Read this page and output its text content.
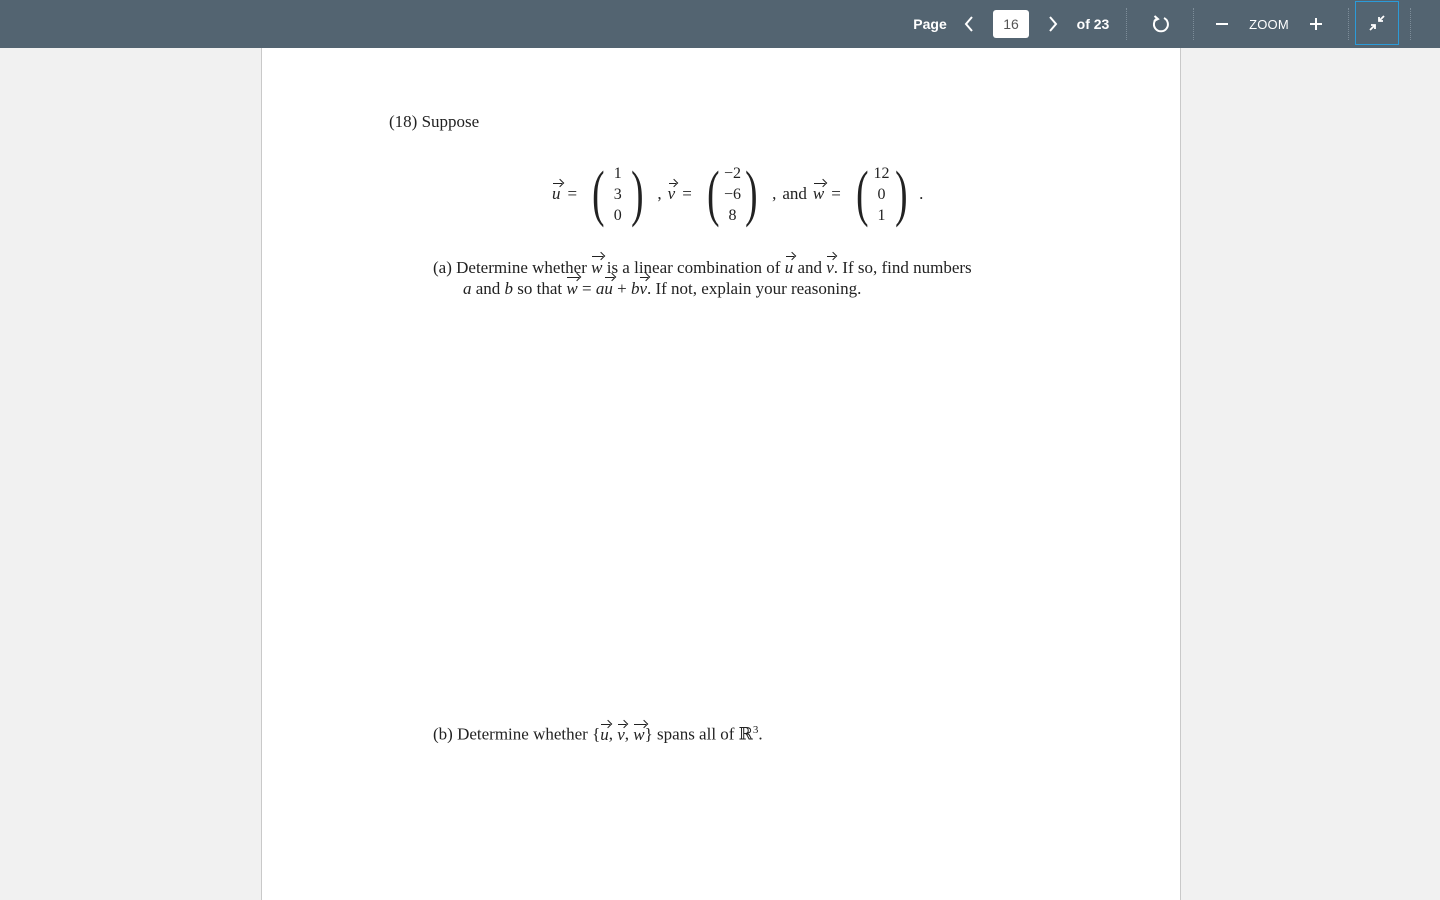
Page
16	of 23	ZOOM
(18) Suppose
u = ( 1
3
0 ) , v = ( −2
−6
8 ) , and w = ( 12
0
1 ) .
(a) Determine whether w is a linear combination of u and v. If so, find numbers
a and b so that w = au + bv. If not, explain your reasoning.
(b) Determine whether {u, v, w} spans all of ℝ$^3$.
